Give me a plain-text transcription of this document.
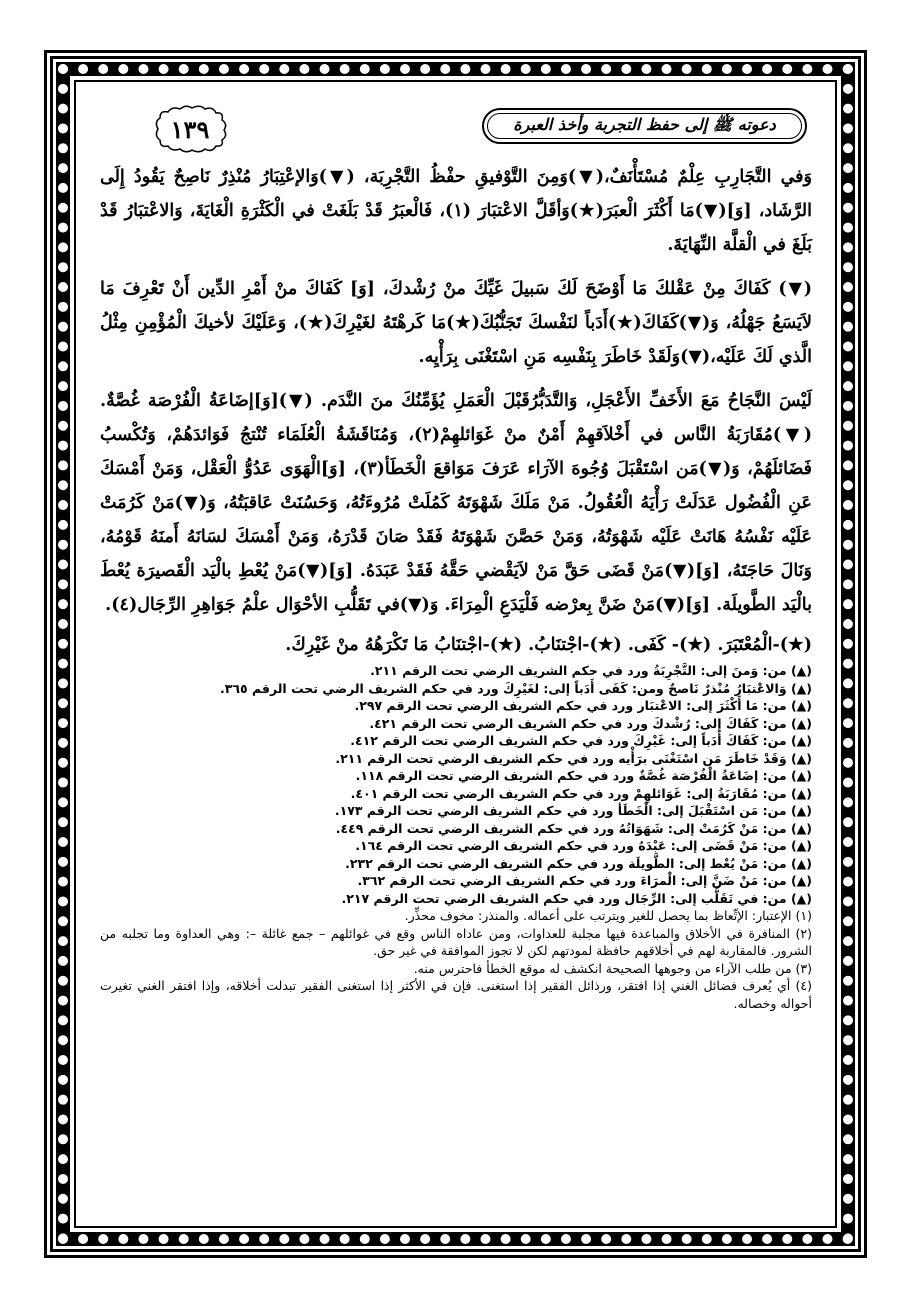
دعوته ﷺ إلى حفظ التجربة وأخذ العبرة
١٣٩

وَفي التَّجَارِبِ عِلْمٌ مُسْتَأْنَفٌ،(▼)وَمِنَ التَّوْفيقِ حفْظُ التَّجْرِبَة، (▼)وَالإعْتِبَارُ مُنْذِرٌ نَاصِحٌ يَقُودُ إِلَى الرَّشَاد، [وَ](▼)مَا أَكْثَرَ الْعبَرَ(★)وَأقَلَّ الاعْتبَارَ (١)، فَالْعبَرُ قَدْ بَلَغَتْ في الْكَثْرَةِ الْغَايَةَ، وَالاعْتبَارُ قَدْ بَلَغَ في الْقلَّة النِّهَايَةَ.

(▼) كَفَاكَ مِنْ عَقْلكَ مَا أَوْضَحَ لَكَ سَبيلَ غَيِّكَ منْ رُشْدكَ، [وَ] كَفَاكَ منْ أَمْرِ الدِّين أَنْ تَعْرِفَ مَا لاَيَسَعُ جَهْلُهُ، وَ(▼)كَفَاكَ(★)أَدَباً لنَفْسكَ تَجَنُّبُكَ(★)مَا كَرهْتَهُ لغَيْرِكَ(★)، وَعَلَيْكَ لأخيكَ الْمُؤْمِنِ مِثْلُ الَّذي لَكَ عَلَيْه،(▼)وَلَقَدْ خَاطَرَ بِنَفْسِه مَنِ اسْتَغْنَى بِرَأْيِه.

لَيْسَ النَّجَاحُ مَعَ الأَخَفِّ الأَعْجَلِ، وَالتَّدَبُّرُقَبْلَ الْعَمَلِ يُؤَمِّنُكَ منَ النَّدَم. (▼)[وَ]إضَاعَةُ الْفُرْصَة غُصَّةٌ. (▼)مُقَارَبَةُ النَّاس في أَخْلاَقهِمْ أَمْنٌ منْ غَوَائلهِمْ(٢)، وَمُنَاقَشَةُ الْعُلَمَاء تُنْتجُ فَوَائدَهُمْ، وَتُكْسبُ فَضَائلَهُمْ، وَ(▼)مَن اسْتَقْبَلَ وُجُوهَ الآرَاء عَرَفَ مَوَاقعَ الْخَطَأ(٣)، [وَ]الْهَوَى عَدُوُّ الْعَقْل، وَمَنْ أَمْسَكَ عَنِ الْفُضُول عَدَلَتْ رَأْيَهُ الْعُقُولُ. مَنْ مَلَكَ شَهْوَتَهُ كَمُلَتْ مُرُوءَتُهُ، وَحَسُنَتْ عَاقبَتُهُ، وَ(▼)مَنْ كَرُمَتْ عَلَيْه نَفْسُهُ هَانَتْ عَلَيْه شَهْوَتُهُ، وَمَنْ حَصَّنَ شَهْوَتَهُ فَقَدْ صَانَ قَدْرَهُ، وَمَنْ أَمْسَكَ لسَانَهُ أَمنَهُ قَوْمُهُ، وَنَالَ حَاجَتَهُ، [وَ](▼)مَنْ قَضَى حَقَّ مَنْ لاَيَقْضي حَقَّهُ فَقَدْ عَبَدَهُ. [وَ](▼)مَنْ يُعْطِ بالْيَد الْقَصيرَة يُعْطَ بالْيَد الطَّويلَة. [وَ](▼)مَنْ ضَنَّ بِعرْضه فَلْيَدَعِ الْمِرَاءَ. وَ(▼)في تَقَلُّبِ الأحْوَال علْمُ جَوَاهِرِ الرِّجَال(٤).

(★)-الْمُعْتَبَرَ. (★)- كَفَى. (★)-اجْتنَابُ. (★)-اجْتنَابُ مَا تَكْرَهُهُ منْ غَيْرِكَ.
(▲) من: وَمنَ إلى: التَّجْرِبَةُ ورد في حكم الشريف الرضي تحت الرقم ٢١١.
(▲) وَالاعْتبَارُ مُنْذرٌ نَاصحٌ ومن: كَفَى أَدَباً إلى: لغَيْرِكَ ورد في حكم الشريف الرضي تحت الرقم ٣٦٥.
(▲) من: مَا أَكْثَرَ إلى: الاعْتبَار ورد في حكم الشريف الرضي تحت الرقم ٢٩٧.
(▲) من: كَفَاكَ إلى: رُشْدكَ ورد في حكم الشريف الرضي تحت الرقم ٤٢١.
(▲) من: كَفَاكَ أَدَباً إلى: غَيْرِكَ ورد في حكم الشريف الرضي تحت الرقم ٤١٢.
(▲) وَقَدْ خَاطَرَ مَن اسْتَغْنَى برَأْيه ورد في حكم الشريف الرضي تحت الرقم ٢١١.
(▲) من: إضَاعَةُ الْفُرْصَة غُصَّةٌ ورد في حكم الشريف الرضي تحت الرقم ١١٨.
(▲) من: مُقَارَبَةُ إلى: غَوَائلهِمْ ورد في حكم الشريف الرضي تحت الرقم ٤٠١.
(▲) من: مَن اسْتَقْبَلَ إلى: الْخَطَأ ورد في حكم الشريف الرضي تحت الرقم ١٧٣.
(▲) من: مَنْ كَرُمَتْ إلى: شَهَوَاتُهُ ورد في حكم الشريف الرضي تحت الرقم ٤٤٩.
(▲) من: مَنْ قَضَى إلى: عَبْدَهُ ورد في حكم الشريف الرضي تحت الرقم ١٦٤.
(▲) من: مَنْ يُعْط إلى: الطَّويلَة ورد في حكم الشريف الرضي تحت الرقم ٢٣٢.
(▲) من: مَنْ ضَنَّ إلى: الْمرَاءَ ورد في حكم الشريف الرضي تحت الرقم ٣٦٢.
(▲) من: في تَقَلُّب إلى: الرِّجَال ورد في حكم الشريف الرضي تحت الرقم ٢١٧.
(١) الإعتبار: الإتِّعاظ بما يحصل للغير ويترتب على أعماله. والمنذر: مخوف محذِّر.
(٢) المنافرة في الأخلاق والمباعدة فيها مجلبة للعداوات، ومن عاداه الناس وقع في غوائلهم – جمع غائلة –: وهي العداوة وما تجلبه من الشرور. فالمقاربة لهم في أخلاقهم حافظة لمودتهم لكن لا تجوز الموافقة في غير حق.
(٣) من طلب الآراء من وجوهها الصحيحة انكشف له موقع الخطأ فاحترس منه.
(٤) أي يُعرف فضائل الغني إذا افتقر، ورذائل الفقير إذا استغنى. فإن في الأكثر إذا استغنى الفقير تبدلت أخلاقه، وإذا افتقر الغني تغيرت أحواله وخصاله.
